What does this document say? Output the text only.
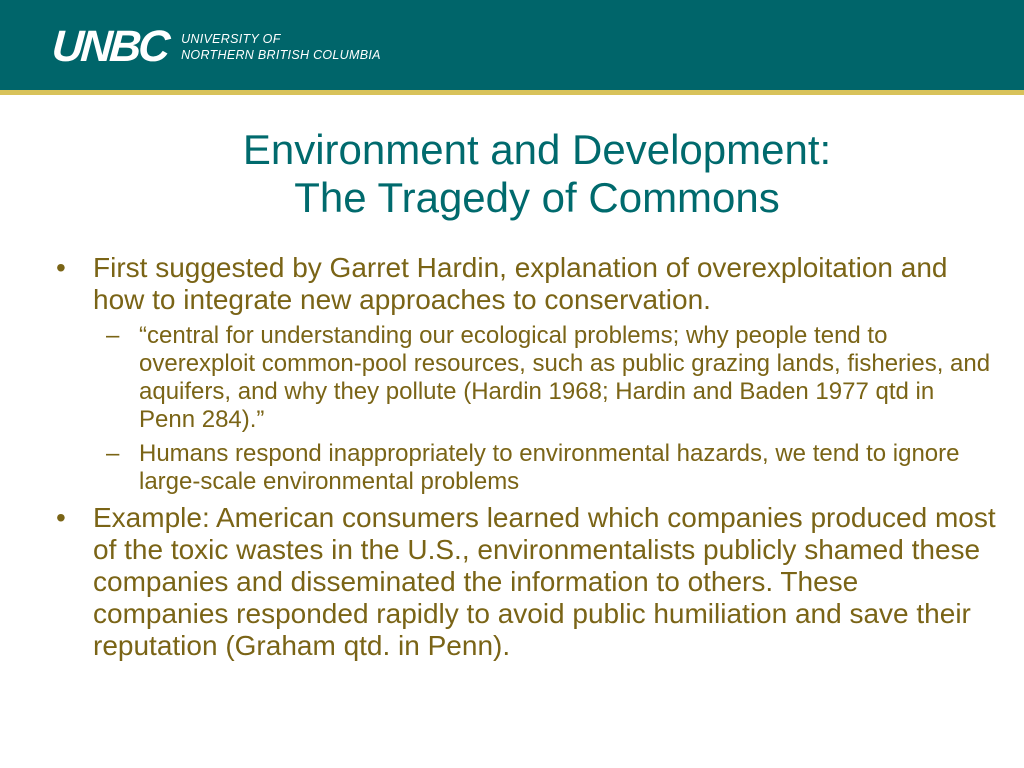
UNBC UNIVERSITY OF
NORTHERN BRITISH COLUMBIA
Environment and Development:
The Tragedy of Commons
• First suggested by Garret Hardin, explanation of overexploitation and how to integrate new approaches to conservation.
– “central for understanding our ecological problems; why people tend to overexploit common-pool resources, such as public grazing lands, fisheries, and aquifers, and why they pollute (Hardin 1968; Hardin and Baden 1977 qtd in Penn 284).”
– Humans respond inappropriately to environmental hazards, we tend to ignore large-scale environmental problems
• Example: American consumers learned which companies produced most of the toxic wastes in the U.S., environmentalists publicly shamed these companies and disseminated the information to others. These companies responded rapidly to avoid public humiliation and save their reputation (Graham qtd. in Penn).
